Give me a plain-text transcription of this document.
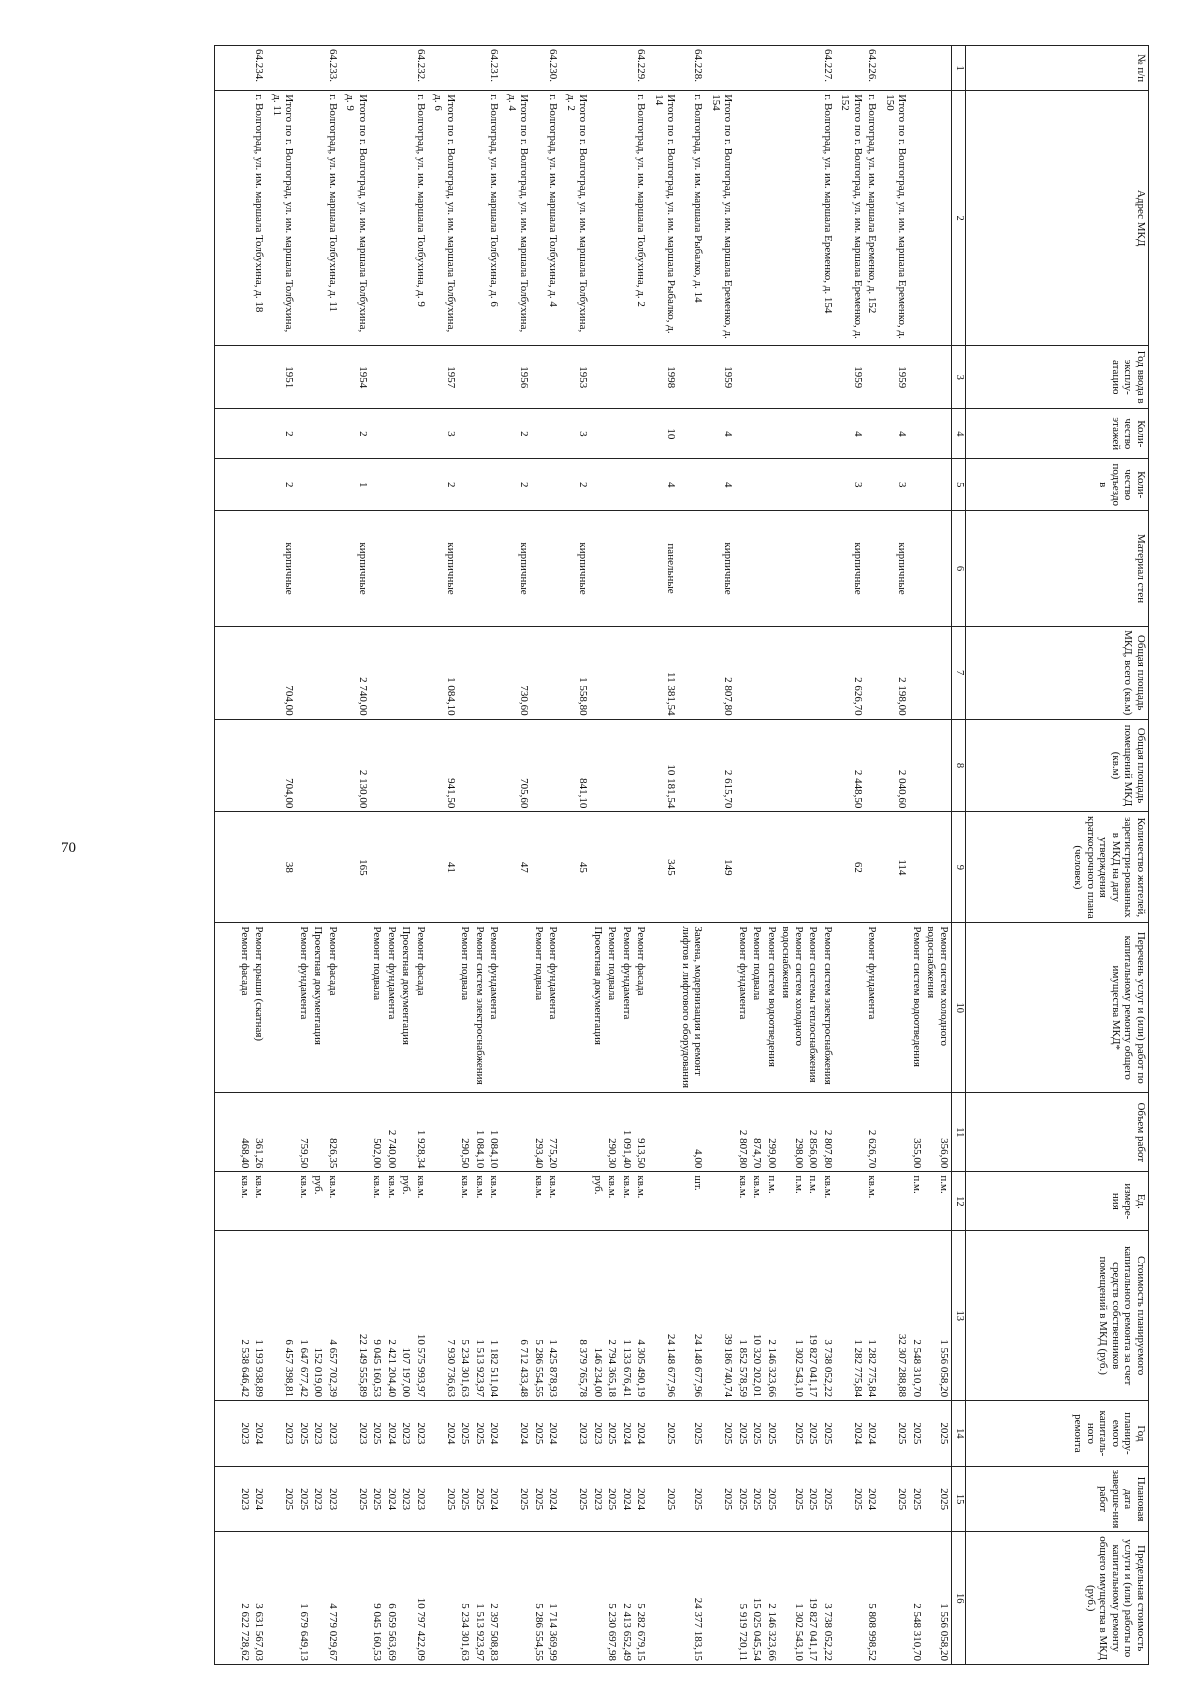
70
№ п/п	Адрес МКД	Год ввода в эксплу-атацию	Коли-чество этажей	Коли-чество подъездо в	Материал стен	Общая площадь МКД, всего (кв.м)	Общая площадь помещений МКД (кв.м)	Количество жителей, зарегистри-рованных в МКД на дату утверждения краткосрочного плана (человек)	Перечень услуг и (или) работ по капитальному ремонту общего имущества МКД*	Объем работ	Ед. измере-ния	Стоимость планируемого капитального ремонта за счет средств собственников помещений в МКД (руб.)	Год планиру-емого капиталь-ного ремонта	Плановая дата заверше-ния работ	Предельная стоимость услуги и (или) работы по капитальному ремонту общего имущества в МКД (руб.)
1	2	3	4	5	6	7	8	9	10	11	12	13	14	15	16
									Ремонт систем холодного водоснабжения	356,00	п.м.	1 556 058,20	2025	2025	1 556 058,20
									Ремонт систем водоотведения	355,00	п.м.	2 548 310,70	2025	2025	2 548 310,70
	Итого по г. Волгоград, ул. им. маршала Еременко, д. 150	1959	4	3	кирпичные	2 198,00	2 040,60	114				32 307 288,88	2025	2025	
64.226.	г. Волгоград, ул. им. маршала Еременко, д. 152								Ремонт фундамента	2 626,70	кв.м.	1 282 775,84	2024	2024	5 808 998,52
	Итого по г. Волгоград, ул. им. маршала Еременко, д. 152	1959	4	3	кирпичные	2 626,70	2 448,50	62				1 282 775,84	2024	2025	
64.227.	г. Волгоград, ул. им. маршала Еременко, д. 154								Ремонт систем электроснабжения	2 807,80	кв.м.	3 738 052,22	2025	2025	3 738 052,22
									Ремонт системы теплоснабжения	2 856,00	п.м.	19 827 041,17	2025	2025	19 827 041,17
									Ремонт систем холодного водоснабжения	298,00	п.м.	1 302 543,10	2025	2025	1 302 543,10
									Ремонт систем водоотведения	299,00	п.м.	2 146 323,66	2025	2025	2 146 323,66
									Ремонт подвала	874,70	кв.м.	10 320 202,01	2025	2025	15 025 045,54
									Ремонт фундамента	2 807,80	кв.м.	1 852 578,59	2025	2025	5 919 720,11
	Итого по г. Волгоград, ул. им. маршала Еременко, д. 154	1959	4	4	кирпичные	2 807,80	2 615,70	149				39 186 740,74	2025	2025	
64.228.	г. Волгоград, ул. им. маршала Рыбалко, д. 14								Замена, модернизация и ремонт лифтов и лифтового оборудования	4,00	шт.	24 148 677,96	2025	2025	24 377 183,15
	Итого по г. Волгоград, ул. им. маршала Рыбалко, д. 14	1998	10	4	панельные	11 381,54	10 181,54	345				24 148 677,96	2025	2025	
64.229.	г. Волгоград, ул. им. маршала Толбухина, д. 2								Ремонт фасада	913,50	кв.м.	4 305 490,19	2024	2024	5 282 679,15
									Ремонт фундамента	1 091,40	кв.м.	1 133 676,41	2024	2024	2 413 652,49
									Ремонт подвала	290,30	кв.м.	2 794 365,18	2025	2025	5 230 697,98
									Проектная документация		руб.	146 234,00	2023	2023	
	Итого по г. Волгоград, ул. им. маршала Толбухина, д. 2	1953	3	2	кирпичные	1 558,80	841,10	45				8 379 765,78	2023	2025	
64.230.	г. Волгоград, ул. им. маршала Толбухина, д. 4								Ремонт фундамента	775,20	кв.м.	1 425 878,93	2024	2024	1 714 369,99
									Ремонт подвала	293,40	кв.м.	5 286 554,55	2025	2025	5 286 554,55
	Итого по г. Волгоград, ул. им. маршала Толбухина, д. 4	1956	2	2	кирпичные	730,60	705,60	47				6 712 433,48	2024	2025	
64.231.	г. Волгоград, ул. им. маршала Толбухина, д. 6								Ремонт фундамента	1 084,10	кв.м.	1 182 511,04	2024	2024	2 397 508,83
									Ремонт систем электроснабжения	1 084,10	кв.м.	1 513 923,97	2025	2025	1 513 923,97
									Ремонт подвала	290,50	кв.м.	5 234 301,63	2025	2025	5 234 301,63
	Итого по г. Волгоград, ул. им. маршала Толбухина, д. 6	1957	3	2	кирпичные	1 084,10	941,50	41				7 930 736,63	2024	2025	
64.232.	г. Волгоград, ул. им. маршала Толбухина, д. 9								Ремонт фасада	1 928,34	кв.м.	10 575 993,97	2023	2023	10 797 422,09
									Проектная документация		руб.	107 197,00	2023	2023	
									Ремонт фундамента	2 740,00	кв.м.	2 421 204,40	2024	2024	6 059 563,69
									Ремонт подвала	502,00	кв.м.	9 045 160,53	2025	2025	9 045 160,53
	Итого по г. Волгоград, ул. им. маршала Толбухина, д. 9	1954	2	1	кирпичные	2 740,00	2 130,00	165				22 149 555,89	2023	2025	
64.233.	г. Волгоград, ул. им. маршала Толбухина, д. 11								Ремонт фасада	826,35	кв.м.	4 657 702,39	2023	2023	4 779 029,67
									Проектная документация		руб.	152 019,00	2023	2023	
									Ремонт фундамента	759,50	кв.м.	1 647 677,42	2025	2025	1 679 649,13
	Итого по г. Волгоград, ул. им. маршала Толбухина, д. 11	1951	2	2	кирпичные	704,00	704,00	38				6 457 398,81	2023	2025	
64.234.	г. Волгоград, ул. им. маршала Толбухина, д. 18								Ремонт крыши (скатная)	361,26	кв.м.	1 193 938,89	2024	2024	3 631 567,03
									Ремонт фасада	468,40	кв.м.	2 538 646,42	2023	2023	2 622 728,62
